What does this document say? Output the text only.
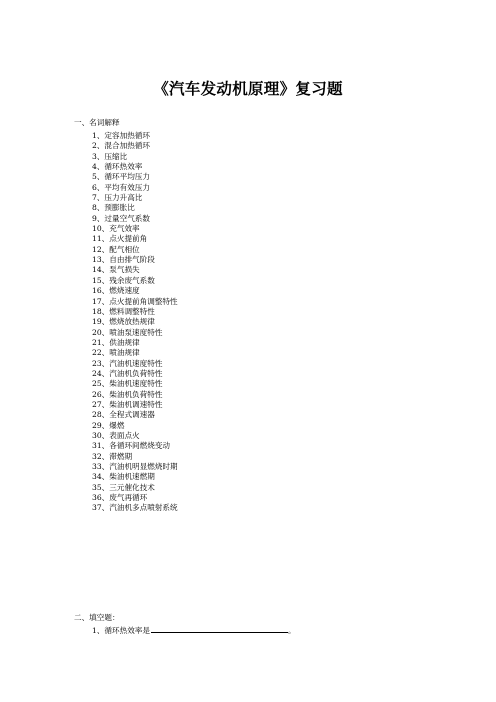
《汽车发动机原理》复习题
一、名词解释
1、定容加热循环
2、混合加热循环
3、压缩比
4、循环热效率
5、循环平均压力
6、平均有效压力
7、压力升高比
8、预膨胀比
9、过量空气系数
10、充气效率
11、点火提前角
12、配气相位
13、自由排气阶段
14、泵气损失
15、残余废气系数
16、燃烧速度
17、点火提前角调整特性
18、燃料调整特性
19、燃烧放热规律
20、喷油泵速度特性
21、供油规律
22、喷油规律
23、汽油机速度特性
24、汽油机负荷特性
25、柴油机速度特性
26、柴油机负荷特性
27、柴油机调速特性
28、全程式调速器
29、爆燃
30、表面点火
31、各循环间燃烧变动
32、滞燃期
33、汽油机明显燃烧时期
34、柴油机速燃期
35、三元催化技术
36、废气再循环
37、汽油机多点喷射系统
二、填空题：
1、循环热效率是	。
